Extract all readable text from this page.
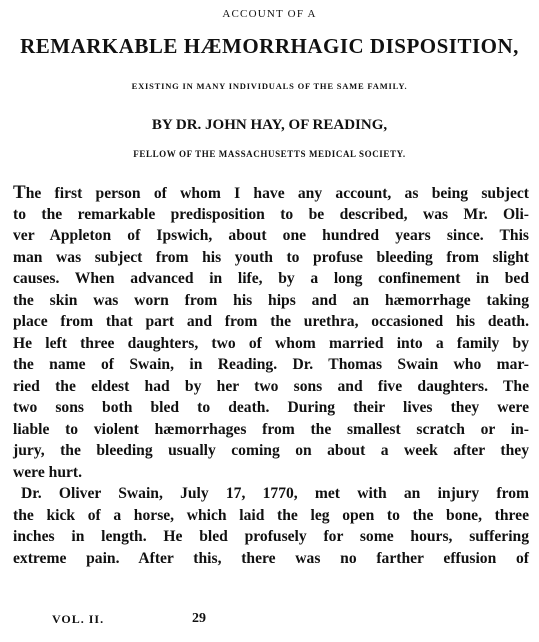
ACCOUNT OF A
REMARKABLE HÆMORRHAGIC DISPOSITION,
EXISTING IN MANY INDIVIDUALS OF THE SAME FAMILY.
BY DR. JOHN HAY, OF READING,
FELLOW OF THE MASSACHUSETTS MEDICAL SOCIETY.
The first person of whom I have any account, as being subject
to the remarkable predisposition to be described, was Mr. Oli-
ver Appleton of Ipswich, about one hundred years since. This
man was subject from his youth to profuse bleeding from slight
causes. When advanced in life, by a long confinement in bed
the skin was worn from his hips and an hæmorrhage taking
place from that part and from the urethra, occasioned his death.
He left three daughters, two of whom married into a family by
the name of Swain, in Reading. Dr. Thomas Swain who mar-
ried the eldest had by her two sons and five daughters. The
two sons both bled to death. During their lives they were
liable to violent hæmorrhages from the smallest scratch or in-
jury, the bleeding usually coming on about a week after they
were hurt.
Dr. Oliver Swain, July 17, 1770, met with an injury from
the kick of a horse, which laid the leg open to the bone, three
inches in length. He bled profusely for some hours, suffering
extreme pain. After this, there was no farther effusion of
VOL. II.	29
